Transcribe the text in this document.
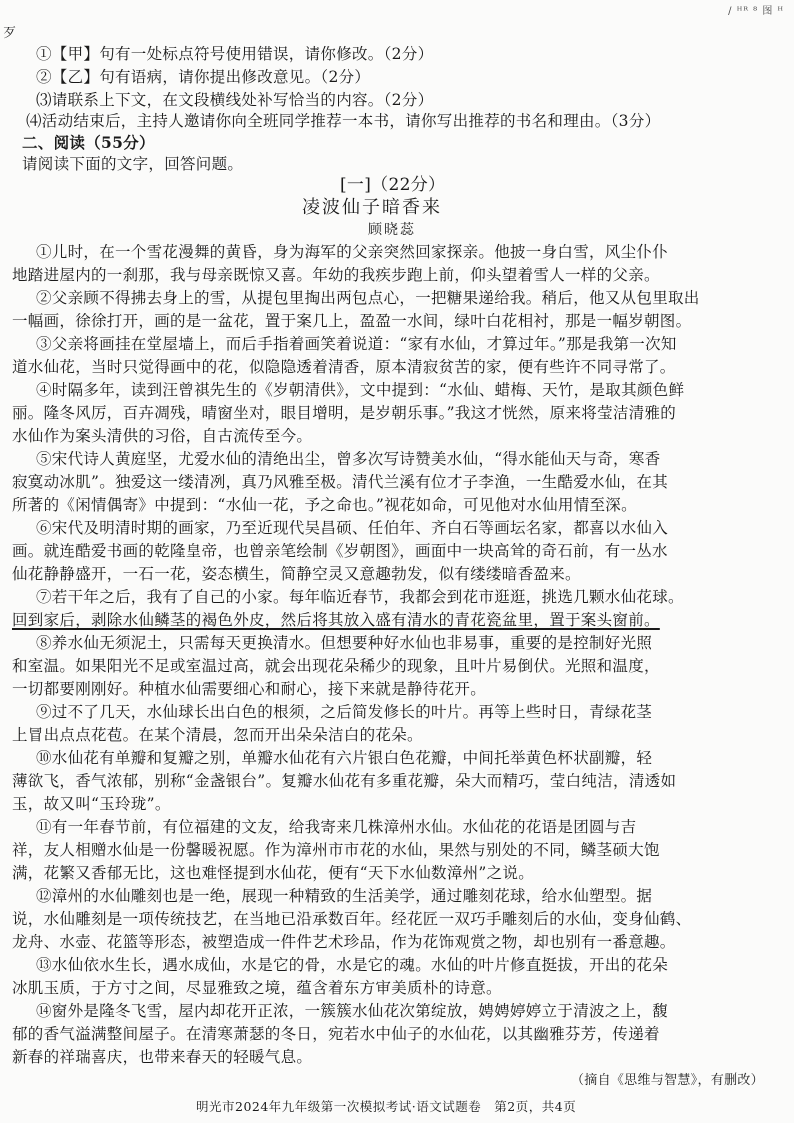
/ ᴴᴿ ⁸ 图 ᴴ
歹
①【甲】句有一处标点符号使用错误，请你修改。（2分）
②【乙】句有语病，请你提出修改意见。（2分）
⑶请联系上下文，在文段横线处补写恰当的内容。（2分）
⑷活动结束后，主持人邀请你向全班同学推荐一本书，请你写出推荐的书名和理由。（3分）
二、阅读（55分）
请阅读下面的文字，回答问题。
[一]（22分）
凌波仙子暗香来
顾晓蕊
①儿时，在一个雪花漫舞的黄昏，身为海军的父亲突然回家探亲。他披一身白雪，风尘仆仆
地踏进屋内的一刹那，我与母亲既惊又喜。年幼的我疾步跑上前，仰头望着雪人一样的父亲。
②父亲顾不得拂去身上的雪，从提包里掏出两包点心，一把糖果递给我。稍后，他又从包里取出
一幅画，徐徐打开，画的是一盆花，置于案几上，盈盈一水间，绿叶白花相衬，那是一幅岁朝图。
③父亲将画挂在堂屋墙上，而后手指着画笑着说道：“家有水仙，才算过年。”那是我第一次知
道水仙花，当时只觉得画中的花，似隐隐透着清香，原本清寂贫苦的家，便有些许不同寻常了。
④时隔多年，读到汪曾祺先生的《岁朝清供》，文中提到：“水仙、蜡梅、天竹，是取其颜色鲜
丽。隆冬风厉，百卉凋残，晴窗坐对，眼目增明，是岁朝乐事。”我这才恍然，原来将莹洁清雅的
水仙作为案头清供的习俗，自古流传至今。
⑤宋代诗人黄庭坚，尤爱水仙的清绝出尘，曾多次写诗赞美水仙，“得水能仙天与奇，寒香
寂寞动冰肌”。独爱这一缕清冽，真乃风雅至极。清代兰溪有位才子李渔，一生酷爱水仙，在其
所著的《闲情偶寄》中提到：“水仙一花，予之命也。”视花如命，可见他对水仙用情至深。
⑥宋代及明清时期的画家，乃至近现代吴昌硕、任伯年、齐白石等画坛名家，都喜以水仙入
画。就连酷爱书画的乾隆皇帝，也曾亲笔绘制《岁朝图》，画面中一块高耸的奇石前，有一丛水
仙花静静盛开，一石一花，姿态横生，简静空灵又意趣勃发，似有缕缕暗香盈来。
⑦若干年之后，我有了自己的小家。每年临近春节，我都会到花市逛逛，挑选几颗水仙花球。
回到家后，剥除水仙鳞茎的褐色外皮，然后将其放入盛有清水的青花瓷盆里，置于案头窗前。
⑧养水仙无须泥土，只需每天更换清水。但想要种好水仙也非易事，重要的是控制好光照
和室温。如果阳光不足或室温过高，就会出现花朵稀少的现象，且叶片易倒伏。光照和温度，
一切都要刚刚好。种植水仙需要细心和耐心，接下来就是静待花开。
⑨过不了几天，水仙球长出白色的根须，之后简发修长的叶片。再等上些时日，青绿花茎
上冒出点点花苞。在某个清晨，忽而开出朵朵洁白的花朵。
⑩水仙花有单瓣和复瓣之别，单瓣水仙花有六片银白色花瓣，中间托举黄色杯状副瓣，轻
薄欲飞，香气浓郁，别称“金盏银台”。复瓣水仙花有多重花瓣，朵大而精巧，莹白纯洁，清透如
玉，故又叫“玉玲珑”。
⑪有一年春节前，有位福建的文友，给我寄来几株漳州水仙。水仙花的花语是团圆与吉
祥，友人相赠水仙是一份馨暖祝愿。作为漳州市市花的水仙，果然与别处的不同，鳞茎硕大饱
满，花繁又香郁无比，这也难怪提到水仙花，便有“天下水仙数漳州”之说。
⑫漳州的水仙雕刻也是一绝，展现一种精致的生活美学，通过雕刻花球，给水仙塑型。据
说，水仙雕刻是一项传统技艺，在当地已沿承数百年。经花匠一双巧手雕刻后的水仙，变身仙鹤、
龙舟、水壶、花篮等形态，被塑造成一件件艺术珍品，作为花饰观赏之物，却也别有一番意趣。
⑬水仙依水生长，遇水成仙，水是它的骨，水是它的魂。水仙的叶片修直挺拔，开出的花朵
冰肌玉质，于方寸之间，尽显雅致之境，蕴含着东方审美质朴的诗意。
⑭窗外是隆冬飞雪，屋内却花开正浓，一簇簇水仙花次第绽放，娉娉婷婷立于清波之上，馥
郁的香气溢满整间屋子。在清寒萧瑟的冬日，宛若水中仙子的水仙花，以其幽雅芬芳，传递着
新春的祥瑞喜庆，也带来春天的轻暖气息。
（摘自《思维与智慧》，有删改）
明光市2024年九年级第一次模拟考试·语文试题卷　第2页，共4页
